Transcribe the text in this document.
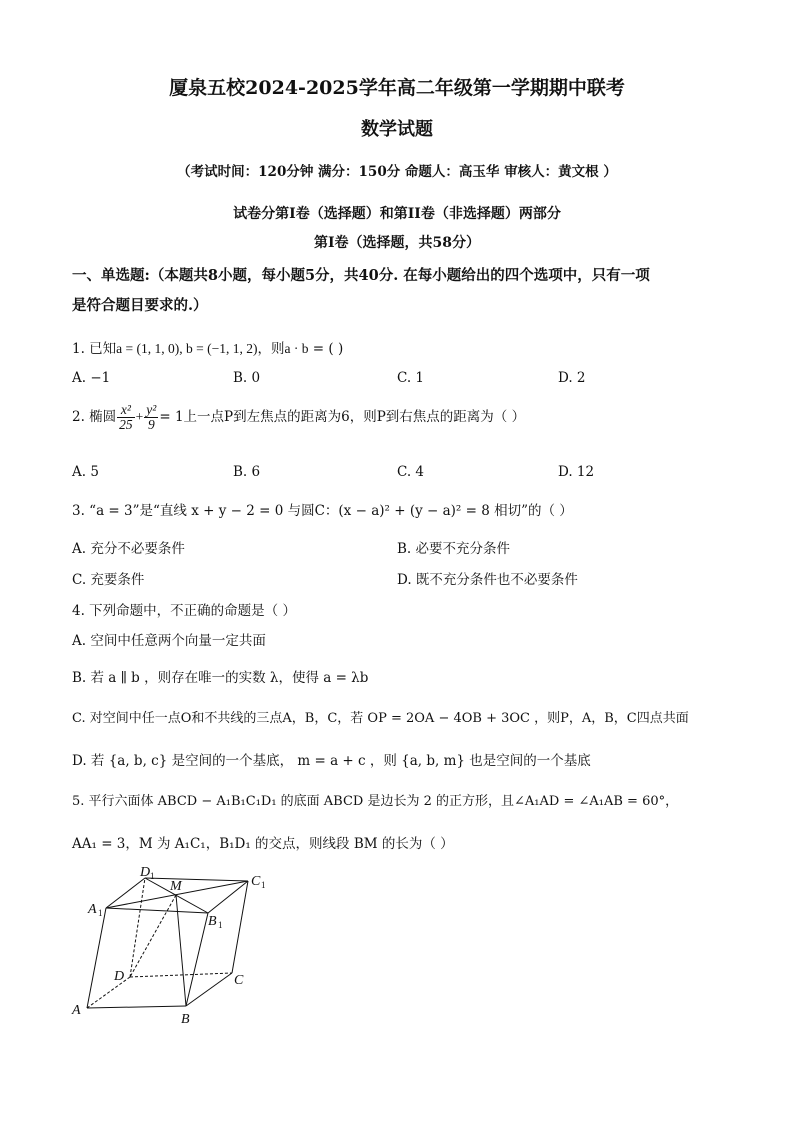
厦泉五校2024-2025学年高二年级第一学期期中联考
数学试题
（考试时间：120分钟 满分：150分 命题人：高玉华 审核人：黄文根 ）
试卷分第I卷（选择题）和第II卷（非选择题）两部分
第I卷（选择题，共58分）
一、单选题:（本题共8小题，每小题5分，共40分. 在每小题给出的四个选项中，只有一项
是符合题目要求的.）
1. 已知a = (1, 1, 0), b = (−1, 1, 2)，则a · b = ( )
A. −1	B. 0	C. 1	D. 2
2. 椭圆 $\frac{\text{x²}}{25} + \frac{\text{y²}}{9} = 1$上一点P到左焦点的距离为6，则P到右焦点的距离为（ ）
A. 5	B. 6	C. 4	D. 12
3. “a = 3”是“直线 x + y − 2 = 0 与圆C：(x − a)² + (y − a)² = 8 相切”的（ ）
A. 充分不必要条件	B. 必要不充分条件
C. 充要条件	D. 既不充分条件也不必要条件
4. 下列命题中，不正确的命题是（ ）
A. 空间中任意两个向量一定共面
B. 若 a ∥ b ，则存在唯一的实数 λ，使得 a = λb
C. 对空间中任一点O和不共线的三点A，B，C，若 OP = 2OA − 4OB + 3OC ，则P，A，B，C四点共面
D. 若 {a, b, c} 是空间的一个基底， m = a + c ，则 {a, b, m} 也是空间的一个基底
5. 平行六面体 ABCD − A₁B₁C₁D₁ 的底面 ABCD 是边长为 2 的正方形，且∠A₁AD = ∠A₁AB = 60°，
AA₁ = 3，M 为 A₁C₁，B₁D₁ 的交点，则线段 BM 的长为（ ）
A
B
C
D
A 1
B 1
C 1
D 1
M
